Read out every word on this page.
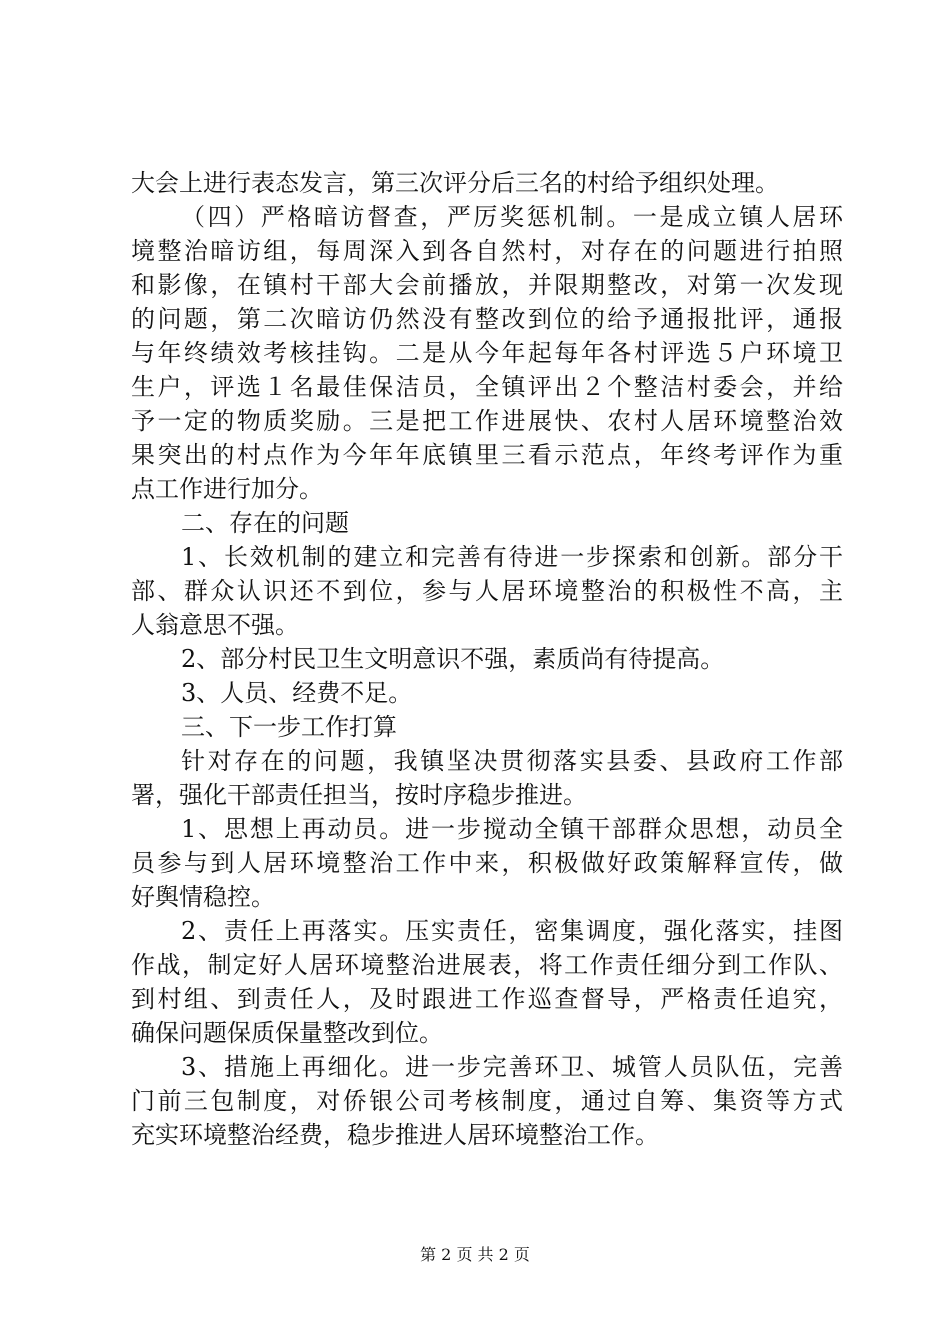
大会上进行表态发言，第三次评分后三名的村给予组织处理。
（四）严格暗访督查，严厉奖惩机制。一是成立镇人居环
境整治暗访组，每周深入到各自然村，对存在的问题进行拍照
和影像，在镇村干部大会前播放，并限期整改，对第一次发现
的问题，第二次暗访仍然没有整改到位的给予通报批评，通报
与年终绩效考核挂钩。二是从今年起每年各村评选５户环境卫
生户，评选１名最佳保洁员，全镇评出２个整洁村委会，并给
予一定的物质奖励。三是把工作进展快、农村人居环境整治效
果突出的村点作为今年年底镇里三看示范点，年终考评作为重
点工作进行加分。
二、存在的问题
1、长效机制的建立和完善有待进一步探索和创新。部分干
部、群众认识还不到位，参与人居环境整治的积极性不高，主
人翁意思不强。
2、部分村民卫生文明意识不强，素质尚有待提高。
3、人员、经费不足。
三、下一步工作打算
针对存在的问题，我镇坚决贯彻落实县委、县政府工作部
署，强化干部责任担当，按时序稳步推进。
1、思想上再动员。进一步搅动全镇干部群众思想，动员全
员参与到人居环境整治工作中来，积极做好政策解释宣传，做
好舆情稳控。
2、责任上再落实。压实责任，密集调度，强化落实，挂图
作战，制定好人居环境整治进展表，将工作责任细分到工作队、
到村组、到责任人，及时跟进工作巡查督导，严格责任追究，
确保问题保质保量整改到位。
3、措施上再细化。进一步完善环卫、城管人员队伍，完善
门前三包制度，对侨银公司考核制度，通过自筹、集资等方式
充实环境整治经费，稳步推进人居环境整治工作。
第 2 页 共 2 页
